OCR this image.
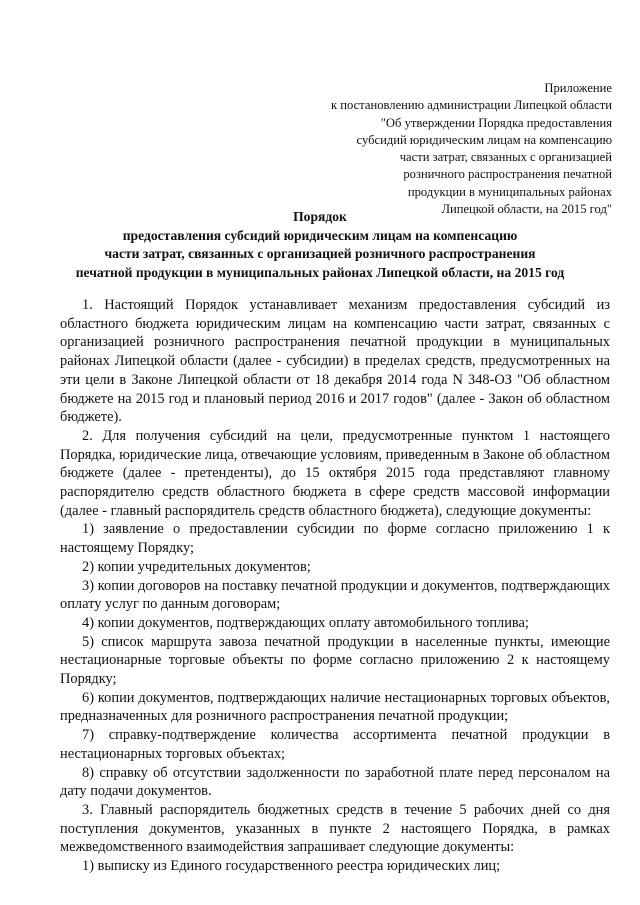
Приложение
к постановлению администрации Липецкой области
"Об утверждении Порядка предоставления
субсидий юридическим лицам на компенсацию
части затрат, связанных с организацией
розничного распространения печатной
продукции в муниципальных районах
Липецкой области, на 2015 год"
Порядок
предоставления субсидий юридическим лицам на компенсацию
части затрат, связанных с организацией розничного распространения
печатной продукции в муниципальных районах Липецкой области, на 2015 год

1. Настоящий Порядок устанавливает механизм предоставления субсидий из областного бюджета юридическим лицам на компенсацию части затрат, связанных с организацией розничного распространения печатной продукции в муниципальных районах Липецкой области (далее - субсидии) в пределах средств, предусмотренных на эти цели в Законе Липецкой области от 18 декабря 2014 года N 348-ОЗ "Об областном бюджете на 2015 год и плановый период 2016 и 2017 годов" (далее - Закон об областном бюджете).

2. Для получения субсидий на цели, предусмотренные пунктом 1 настоящего Порядка, юридические лица, отвечающие условиям, приведенным в Законе об областном бюджете (далее - претенденты), до 15 октября 2015 года представляют главному распорядителю средств областного бюджета в сфере средств массовой информации (далее - главный распорядитель средств областного бюджета), следующие документы:

1) заявление о предоставлении субсидии по форме согласно приложению 1 к настоящему Порядку;

2) копии учредительных документов;

3) копии договоров на поставку печатной продукции и документов, подтверждающих оплату услуг по данным договорам;

4) копии документов, подтверждающих оплату автомобильного топлива;

5) список маршрута завоза печатной продукции в населенные пункты, имеющие нестационарные торговые объекты по форме согласно приложению 2 к настоящему Порядку;

6) копии документов, подтверждающих наличие нестационарных торговых объектов, предназначенных для розничного распространения печатной продукции;

7) справку-подтверждение количества ассортимента печатной продукции в нестационарных торговых объектах;

8) справку об отсутствии задолженности по заработной плате перед персоналом на дату подачи документов.

3. Главный распорядитель бюджетных средств в течение 5 рабочих дней со дня поступления документов, указанных в пункте 2 настоящего Порядка, в рамках межведомственного взаимодействия запрашивает следующие документы:

1) выписку из Единого государственного реестра юридических лиц;
